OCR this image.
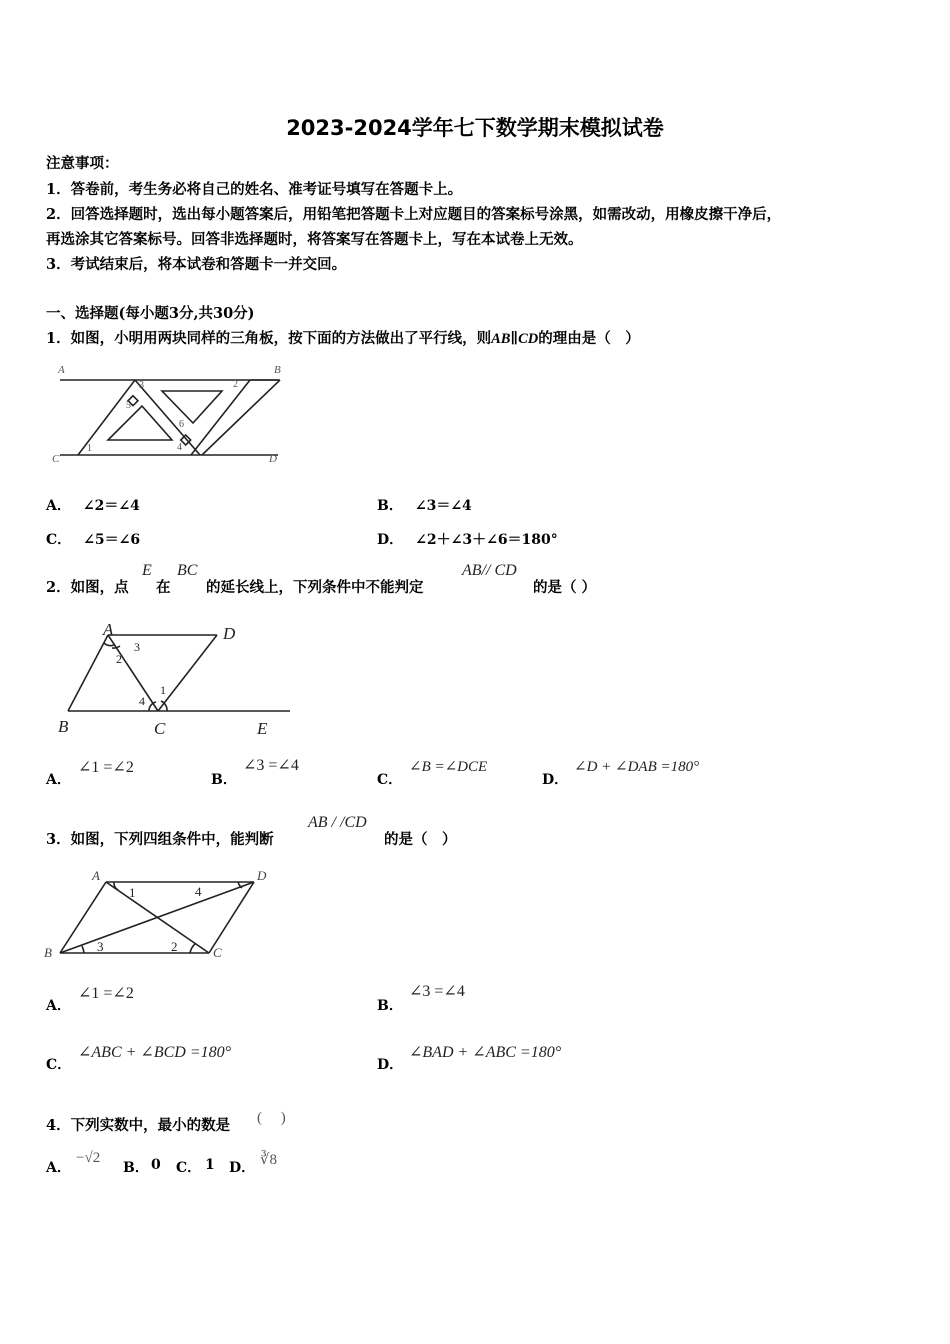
2023-2024学年七下数学期末模拟试卷
注意事项：
1．答卷前，考生务必将自己的姓名、准考证号填写在答题卡上。
2．回答选择题时，选出每小题答案后，用铅笔把答题卡上对应题目的答案标号涂黑，如需改动，用橡皮擦干净后，
再选涂其它答案标号。回答非选择题时，将答案写在答题卡上，写在本试卷上无效。
3．考试结束后，将本试卷和答题卡一并交回。
一、选择题(每小题3分,共30分)
1．如图，小明用两块同样的三角板，按下面的方法做出了平行线，则AB∥CD的理由是（　）
A	B
C	D
1
2
3
4
5
6
A． ∠2＝∠4	B． ∠3＝∠4
C． ∠5＝∠6	D． ∠2＋∠3＋∠6＝180°
2．如图，点
E
在
BC
的延长线上，下列条件中不能判定
AB// CD
的是（ ）
A	D
B	C	E
1
2
3
4
A．
∠1 =∠2
B．
∠3 =∠4
C．
∠B =∠DCE
D．
∠D + ∠DAB =180°
3．如图，下列四组条件中，能判断
AB / /CD
的是（　）
A	D
B	C
1
2
3
4
A．
∠1 =∠2
B．
∠3 =∠4
C．
∠ABC + ∠BCD =180°
D．
∠BAD + ∠ABC =180°
4．下列实数中，最小的数是 (　 )
A．
−√2
B． 0 C． 1 D． ∛8
